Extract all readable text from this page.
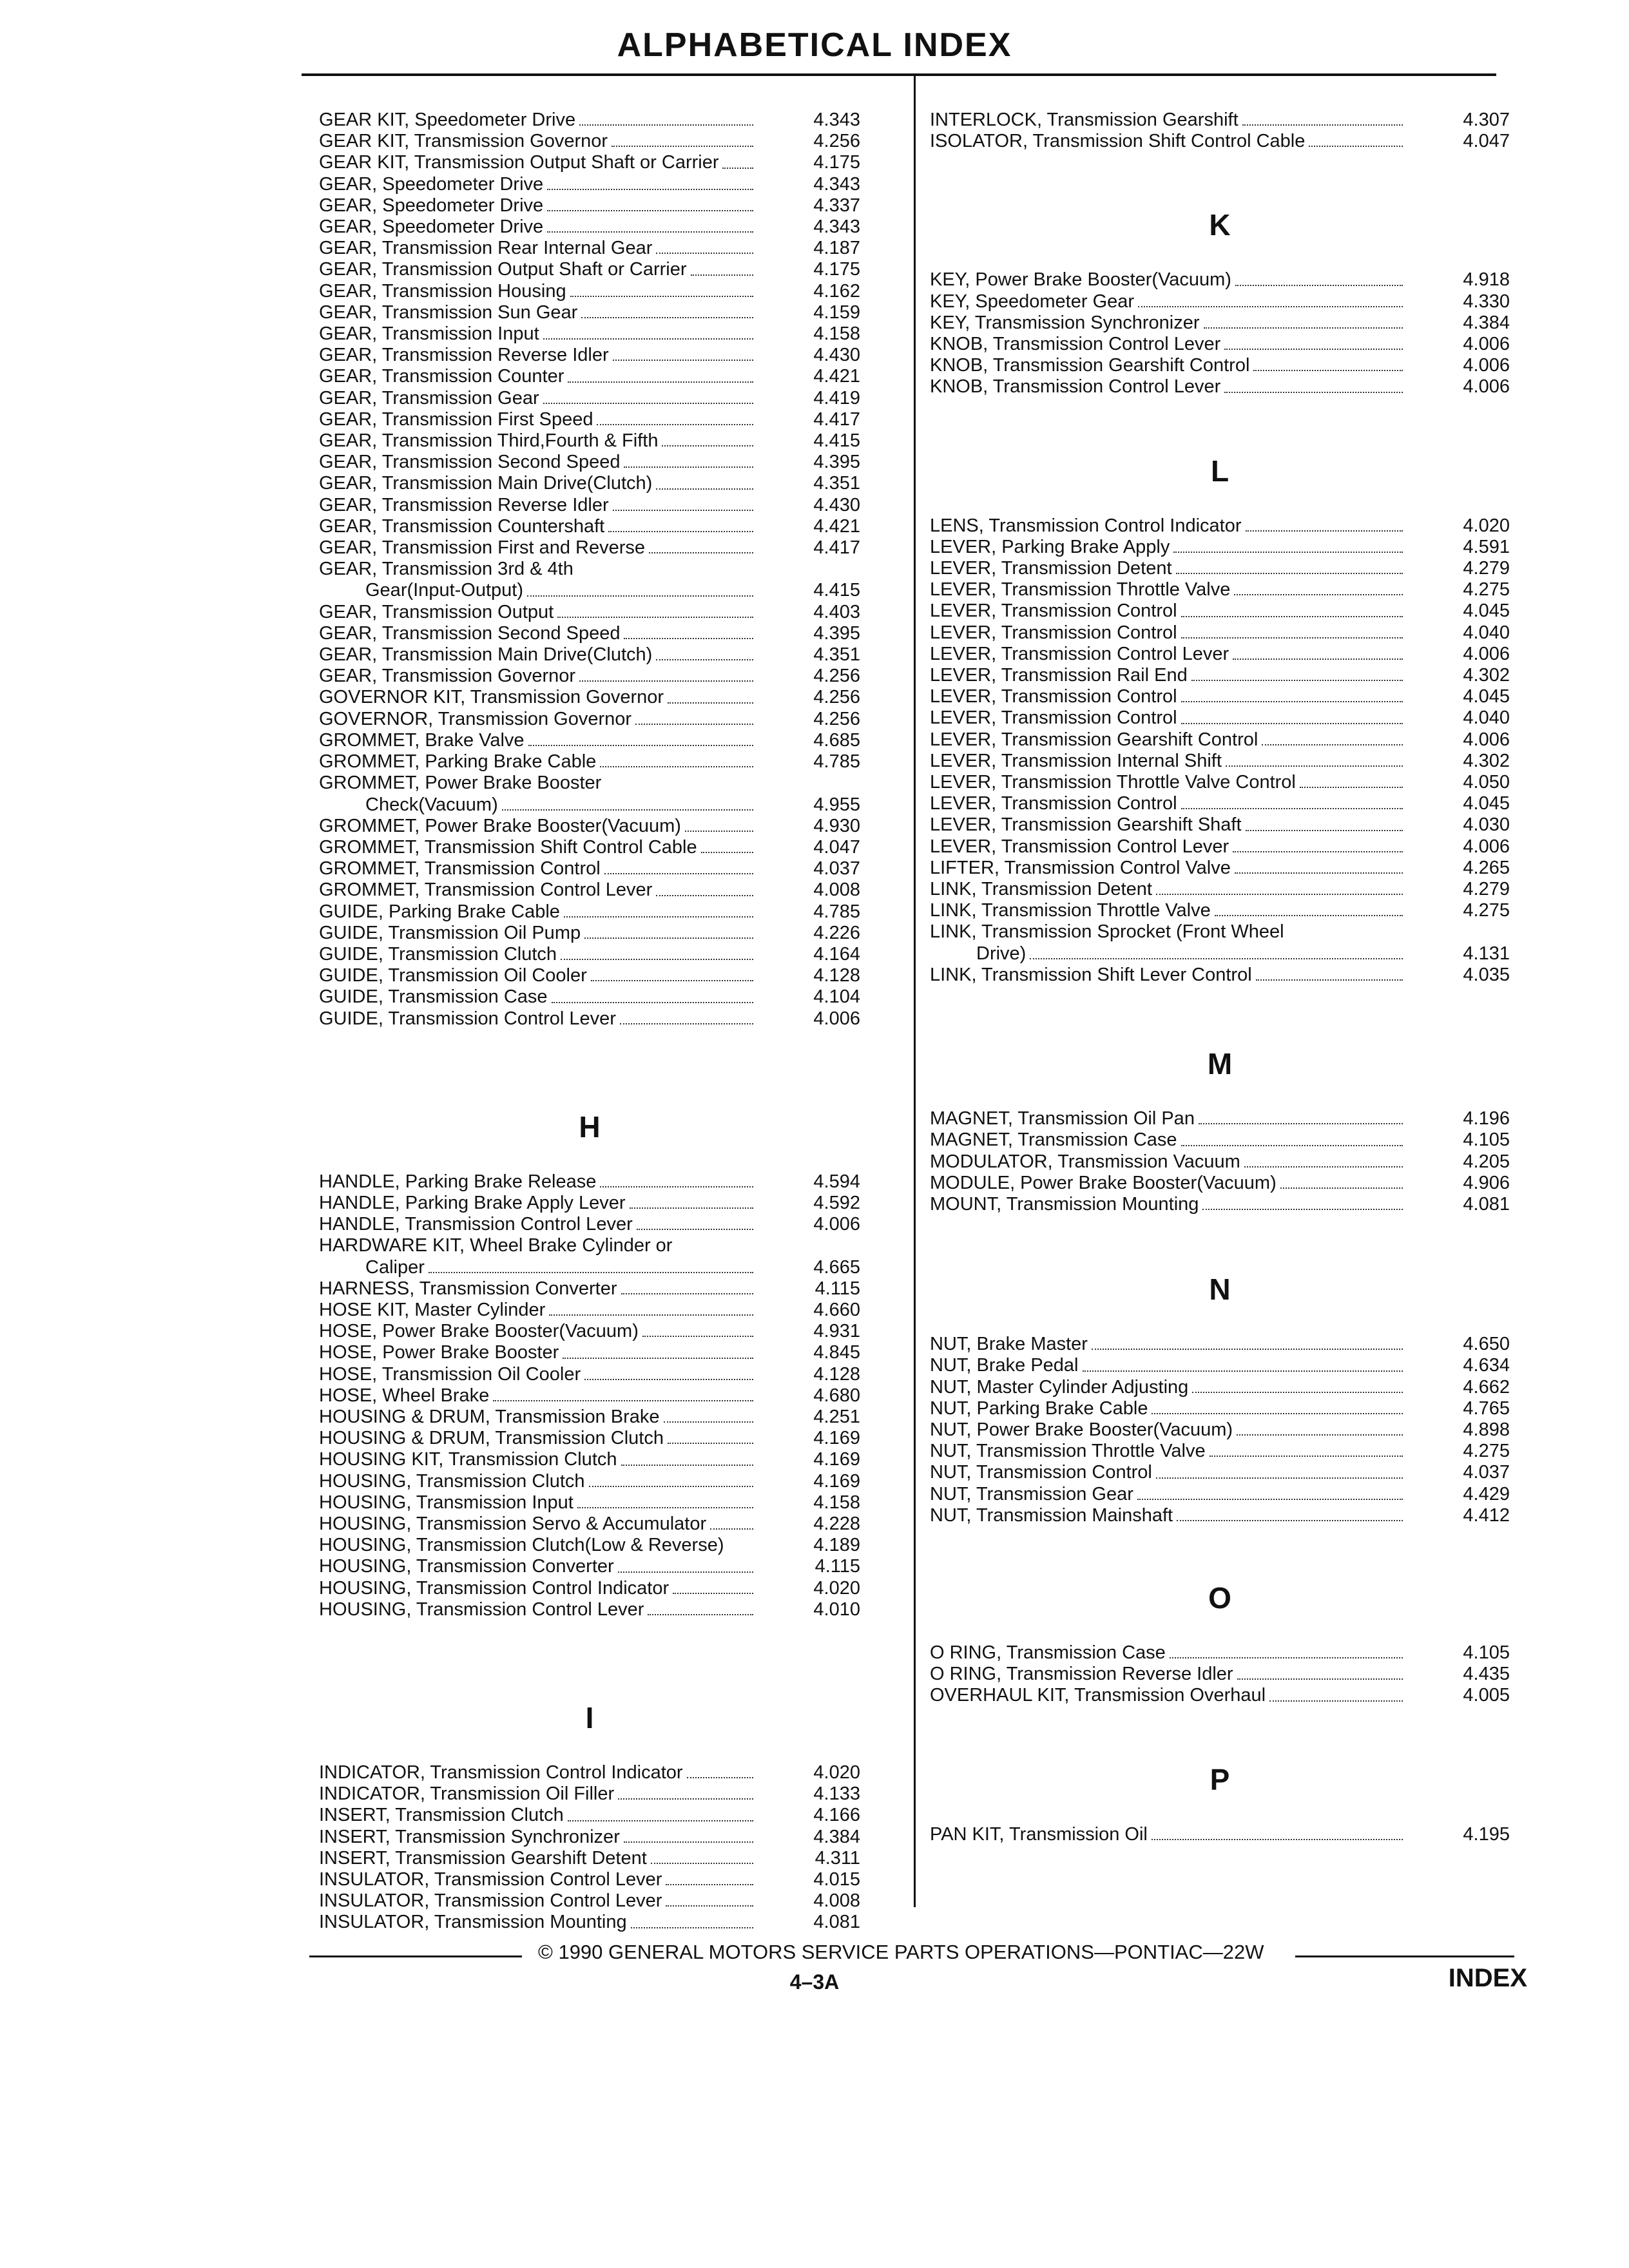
ALPHABETICAL INDEX
GEAR KIT, Speedometer Drive	4.343
GEAR KIT, Transmission Governor	4.256
GEAR KIT, Transmission Output Shaft or Carrier	4.175
GEAR, Speedometer Drive	4.343
GEAR, Speedometer Drive	4.337
GEAR, Speedometer Drive	4.343
GEAR, Transmission Rear Internal Gear	4.187
GEAR, Transmission Output Shaft or Carrier	4.175
GEAR, Transmission Housing	4.162
GEAR, Transmission Sun Gear	4.159
GEAR, Transmission Input	4.158
GEAR, Transmission Reverse Idler	4.430
GEAR, Transmission Counter	4.421
GEAR, Transmission Gear	4.419
GEAR, Transmission First Speed	4.417
GEAR, Transmission Third,Fourth & Fifth	4.415
GEAR, Transmission Second Speed	4.395
GEAR, Transmission Main Drive(Clutch)	4.351
GEAR, Transmission Reverse Idler	4.430
GEAR, Transmission Countershaft	4.421
GEAR, Transmission First and Reverse	4.417
GEAR, Transmission 3rd & 4th
Gear(Input-Output)	4.415
GEAR, Transmission Output	4.403
GEAR, Transmission Second Speed	4.395
GEAR, Transmission Main Drive(Clutch)	4.351
GEAR, Transmission Governor	4.256
GOVERNOR KIT, Transmission Governor	4.256
GOVERNOR, Transmission Governor	4.256
GROMMET, Brake Valve	4.685
GROMMET, Parking Brake Cable	4.785
GROMMET, Power Brake Booster
Check(Vacuum)	4.955
GROMMET, Power Brake Booster(Vacuum)	4.930
GROMMET, Transmission Shift Control Cable	4.047
GROMMET, Transmission Control	4.037
GROMMET, Transmission Control Lever	4.008
GUIDE, Parking Brake Cable	4.785
GUIDE, Transmission Oil Pump	4.226
GUIDE, Transmission Clutch	4.164
GUIDE, Transmission Oil Cooler	4.128
GUIDE, Transmission Case	4.104
GUIDE, Transmission Control Lever	4.006
H
HANDLE, Parking Brake Release	4.594
HANDLE, Parking Brake Apply Lever	4.592
HANDLE, Transmission Control Lever	4.006
HARDWARE KIT, Wheel Brake Cylinder or
Caliper	4.665
HARNESS, Transmission Converter	4.115
HOSE KIT, Master Cylinder	4.660
HOSE, Power Brake Booster(Vacuum)	4.931
HOSE, Power Brake Booster	4.845
HOSE, Transmission Oil Cooler	4.128
HOSE, Wheel Brake	4.680
HOUSING & DRUM, Transmission Brake	4.251
HOUSING & DRUM, Transmission Clutch	4.169
HOUSING KIT, Transmission Clutch	4.169
HOUSING, Transmission Clutch	4.169
HOUSING, Transmission Input	4.158
HOUSING, Transmission Servo & Accumulator	4.228
HOUSING, Transmission Clutch(Low & Reverse)	4.189
HOUSING, Transmission Converter	4.115
HOUSING, Transmission Control Indicator	4.020
HOUSING, Transmission Control Lever	4.010
I
INDICATOR, Transmission Control Indicator	4.020
INDICATOR, Transmission Oil Filler	4.133
INSERT, Transmission Clutch	4.166
INSERT, Transmission Synchronizer	4.384
INSERT, Transmission Gearshift Detent	4.311
INSULATOR, Transmission Control Lever	4.015
INSULATOR, Transmission Control Lever	4.008
INSULATOR, Transmission Mounting	4.081
INTERLOCK, Transmission Gearshift	4.307
ISOLATOR, Transmission Shift Control Cable	4.047
K
KEY, Power Brake Booster(Vacuum)	4.918
KEY, Speedometer Gear	4.330
KEY, Transmission Synchronizer	4.384
KNOB, Transmission Control Lever	4.006
KNOB, Transmission Gearshift Control	4.006
KNOB, Transmission Control Lever	4.006
L
LENS, Transmission Control Indicator	4.020
LEVER, Parking Brake Apply	4.591
LEVER, Transmission Detent	4.279
LEVER, Transmission Throttle Valve	4.275
LEVER, Transmission Control	4.045
LEVER, Transmission Control	4.040
LEVER, Transmission Control Lever	4.006
LEVER, Transmission Rail End	4.302
LEVER, Transmission Control	4.045
LEVER, Transmission Control	4.040
LEVER, Transmission Gearshift Control	4.006
LEVER, Transmission Internal Shift	4.302
LEVER, Transmission Throttle Valve Control	4.050
LEVER, Transmission Control	4.045
LEVER, Transmission Gearshift Shaft	4.030
LEVER, Transmission Control Lever	4.006
LIFTER, Transmission Control Valve	4.265
LINK, Transmission Detent	4.279
LINK, Transmission Throttle Valve	4.275
LINK, Transmission Sprocket (Front Wheel
Drive)	4.131
LINK, Transmission Shift Lever Control	4.035
M
MAGNET, Transmission Oil Pan	4.196
MAGNET, Transmission Case	4.105
MODULATOR, Transmission Vacuum	4.205
MODULE, Power Brake Booster(Vacuum)	4.906
MOUNT, Transmission Mounting	4.081
N
NUT, Brake Master	4.650
NUT, Brake Pedal	4.634
NUT, Master Cylinder Adjusting	4.662
NUT, Parking Brake Cable	4.765
NUT, Power Brake Booster(Vacuum)	4.898
NUT, Transmission Throttle Valve	4.275
NUT, Transmission Control	4.037
NUT, Transmission Gear	4.429
NUT, Transmission Mainshaft	4.412
O
O RING, Transmission Case	4.105
O RING, Transmission Reverse Idler	4.435
OVERHAUL KIT, Transmission Overhaul	4.005
P
PAN KIT, Transmission Oil	4.195
© 1990 GENERAL MOTORS SERVICE PARTS OPERATIONS—PONTIAC—22W
4–3A	INDEX
